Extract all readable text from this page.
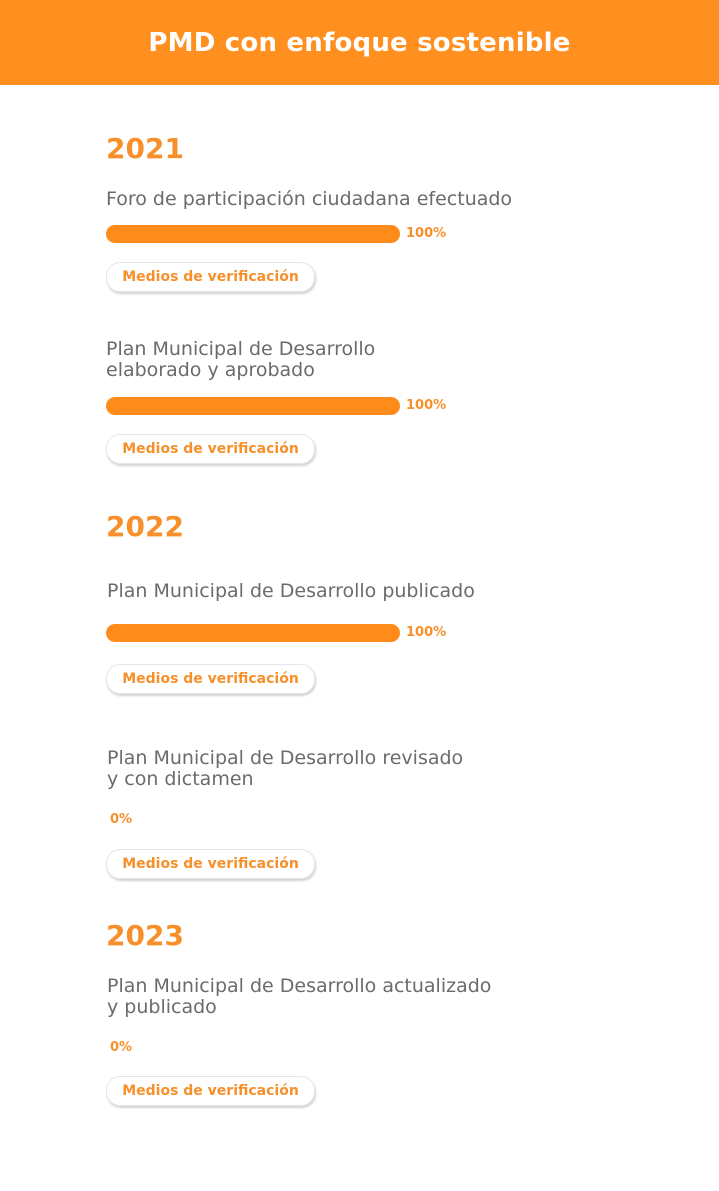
PMD con enfoque sostenible
2021
Foro de participación ciudadana efectuado
100%
Medios de verificación
Plan Municipal de Desarrollo
elaborado y aprobado
100%
Medios de verificación
2022
Plan Municipal de Desarrollo publicado
100%
Medios de verificación
Plan Municipal de Desarrollo revisado
y con dictamen
0%
Medios de verificación
2023
Plan Municipal de Desarrollo actualizado
y publicado
0%
Medios de verificación
